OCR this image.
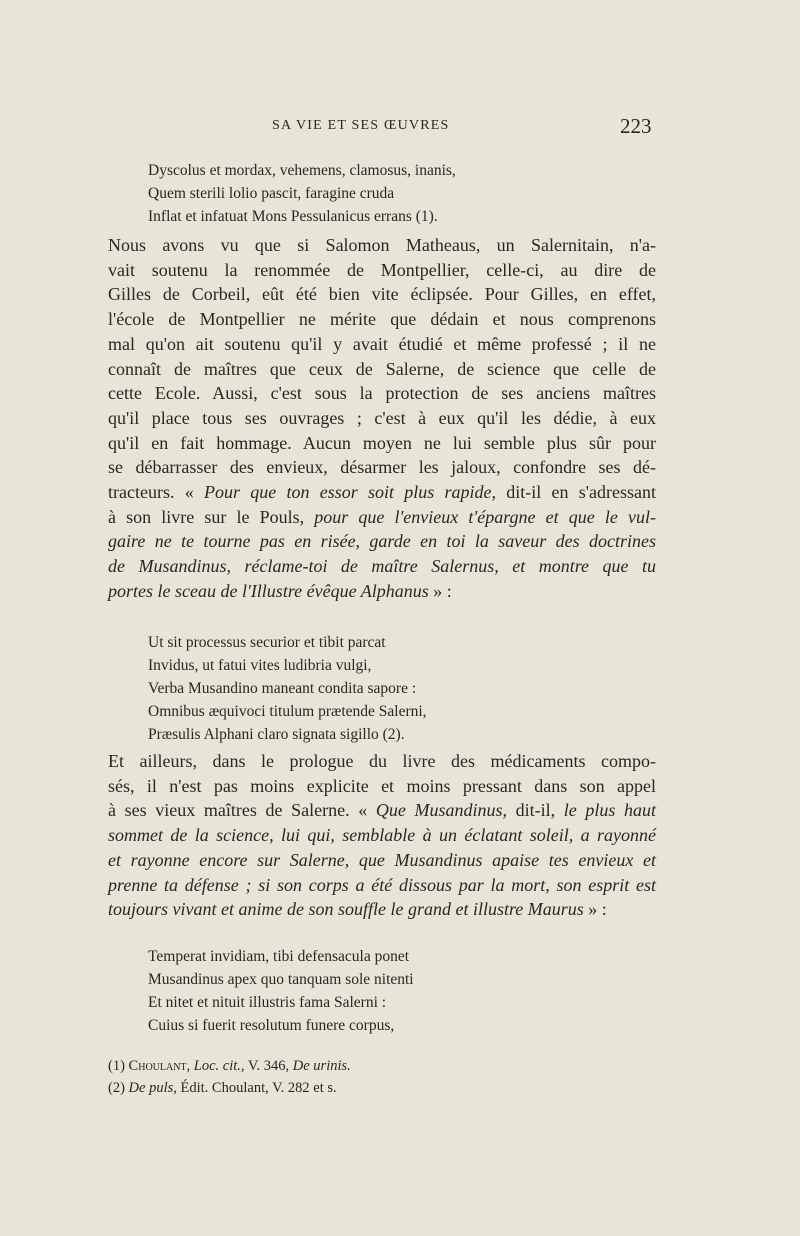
SA VIE ET SES ŒUVRES	223
Dyscolus et mordax, vehemens, clamosus, inanis,
Quem sterili lolio pascit, faragine cruda
Inflat et infatuat Mons Pessulanicus errans (1).
Nous avons vu que si Salomon Matheaus, un Salernitain, n'a-
vait soutenu la renommée de Montpellier, celle-ci, au dire de
Gilles de Corbeil, eût été bien vite éclipsée. Pour Gilles, en effet,
l'école de Montpellier ne mérite que dédain et nous comprenons
mal qu'on ait soutenu qu'il y avait étudié et même professé ; il ne
connaît de maîtres que ceux de Salerne, de science que celle de
cette Ecole. Aussi, c'est sous la protection de ses anciens maîtres
qu'il place tous ses ouvrages ; c'est à eux qu'il les dédie, à eux
qu'il en fait hommage. Aucun moyen ne lui semble plus sûr pour
se débarrasser des envieux, désarmer les jaloux, confondre ses dé-
tracteurs. « Pour que ton essor soit plus rapide, dit-il en s'adressant
à son livre sur le Pouls, pour que l'envieux t'épargne et que le vul-
gaire ne te tourne pas en risée, garde en toi la saveur des doctrines
de Musandinus, réclame-toi de maître Salernus, et montre que tu
portes le sceau de l'Illustre évêque Alphanus » :
Ut sit processus securior et tibit parcat
Invidus, ut fatui vites ludibria vulgi,
Verba Musandino maneant condita sapore :
Omnibus æquivoci titulum prætende Salerni,
Præsulis Alphani claro signata sigillo (2).
Et ailleurs, dans le prologue du livre des médicaments compo-
sés, il n'est pas moins explicite et moins pressant dans son appel
à ses vieux maîtres de Salerne. « Que Musandinus, dit-il, le plus haut
sommet de la science, lui qui, semblable à un éclatant soleil, a rayonné
et rayonne encore sur Salerne, que Musandinus apaise tes envieux et
prenne ta défense ; si son corps a été dissous par la mort, son esprit est
toujours vivant et anime de son souffle le grand et illustre Maurus » :
Temperat invidiam, tibi defensacula ponet
Musandinus apex quo tanquam sole nitenti
Et nitet et nituit illustris fama Salerni :
Cuius si fuerit resolutum funere corpus,
(1) Choulant, Loc. cit., V. 346, De urinis.
(2) De puls, Édit. Choulant, V. 282 et s.
